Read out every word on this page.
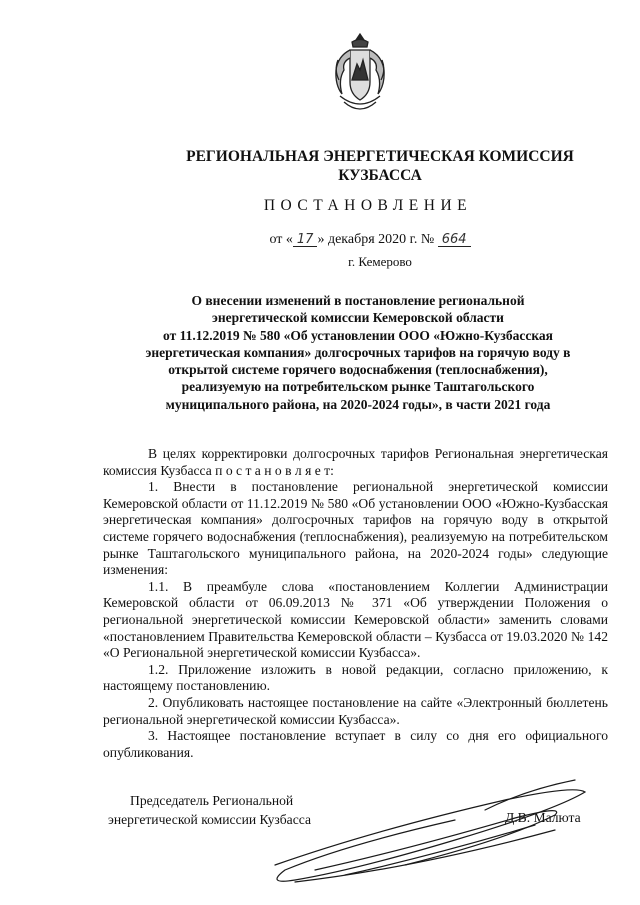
РЕГИОНАЛЬНАЯ ЭНЕРГЕТИЧЕСКАЯ КОМИССИЯ
КУЗБАССА
ПОСТАНОВЛЕНИЕ
от « 17 » декабря 2020 г. № 664
г. Кемерово
О внесении изменений в постановление региональной
энергетической комиссии Кемеровской области
от 11.12.2019 № 580 «Об установлении ООО «Южно-Кузбасская
энергетическая компания» долгосрочных тарифов на горячую воду в
открытой системе горячего водоснабжения (теплоснабжения),
реализуемую на потребительском рынке Таштагольского
муниципального района, на 2020-2024 годы», в части 2021 года

В целях корректировки долгосрочных тарифов Региональная энергетическая комиссия Кузбасса п о с т а н о в л я е т:

1. Внести в постановление региональной энергетической комиссии Кемеровской области от 11.12.2019 № 580 «Об установлении ООО «Южно-Кузбасская энергетическая компания» долгосрочных тарифов на горячую воду в открытой системе горячего водоснабжения (теплоснабжения), реализуемую на потребительском рынке Таштагольского муниципального района, на 2020-2024 годы» следующие изменения:

1.1. В преамбуле слова «постановлением Коллегии Администрации Кемеровской области от 06.09.2013 № 371 «Об утверждении Положения о региональной энергетической комиссии Кемеровской области» заменить словами «постановлением Правительства Кемеровской области – Кузбасса от 19.03.2020 № 142 «О Региональной энергетической комиссии Кузбасса».

1.2. Приложение изложить в новой редакции, согласно приложению, к настоящему постановлению.

2. Опубликовать настоящее постановление на сайте «Электронный бюллетень региональной энергетической комиссии Кузбасса».

3. Настоящее постановление вступает в силу со дня его официального опубликования.

Председатель Региональной
энергетической комиссии Кузбасса	Д.В. Малюта
